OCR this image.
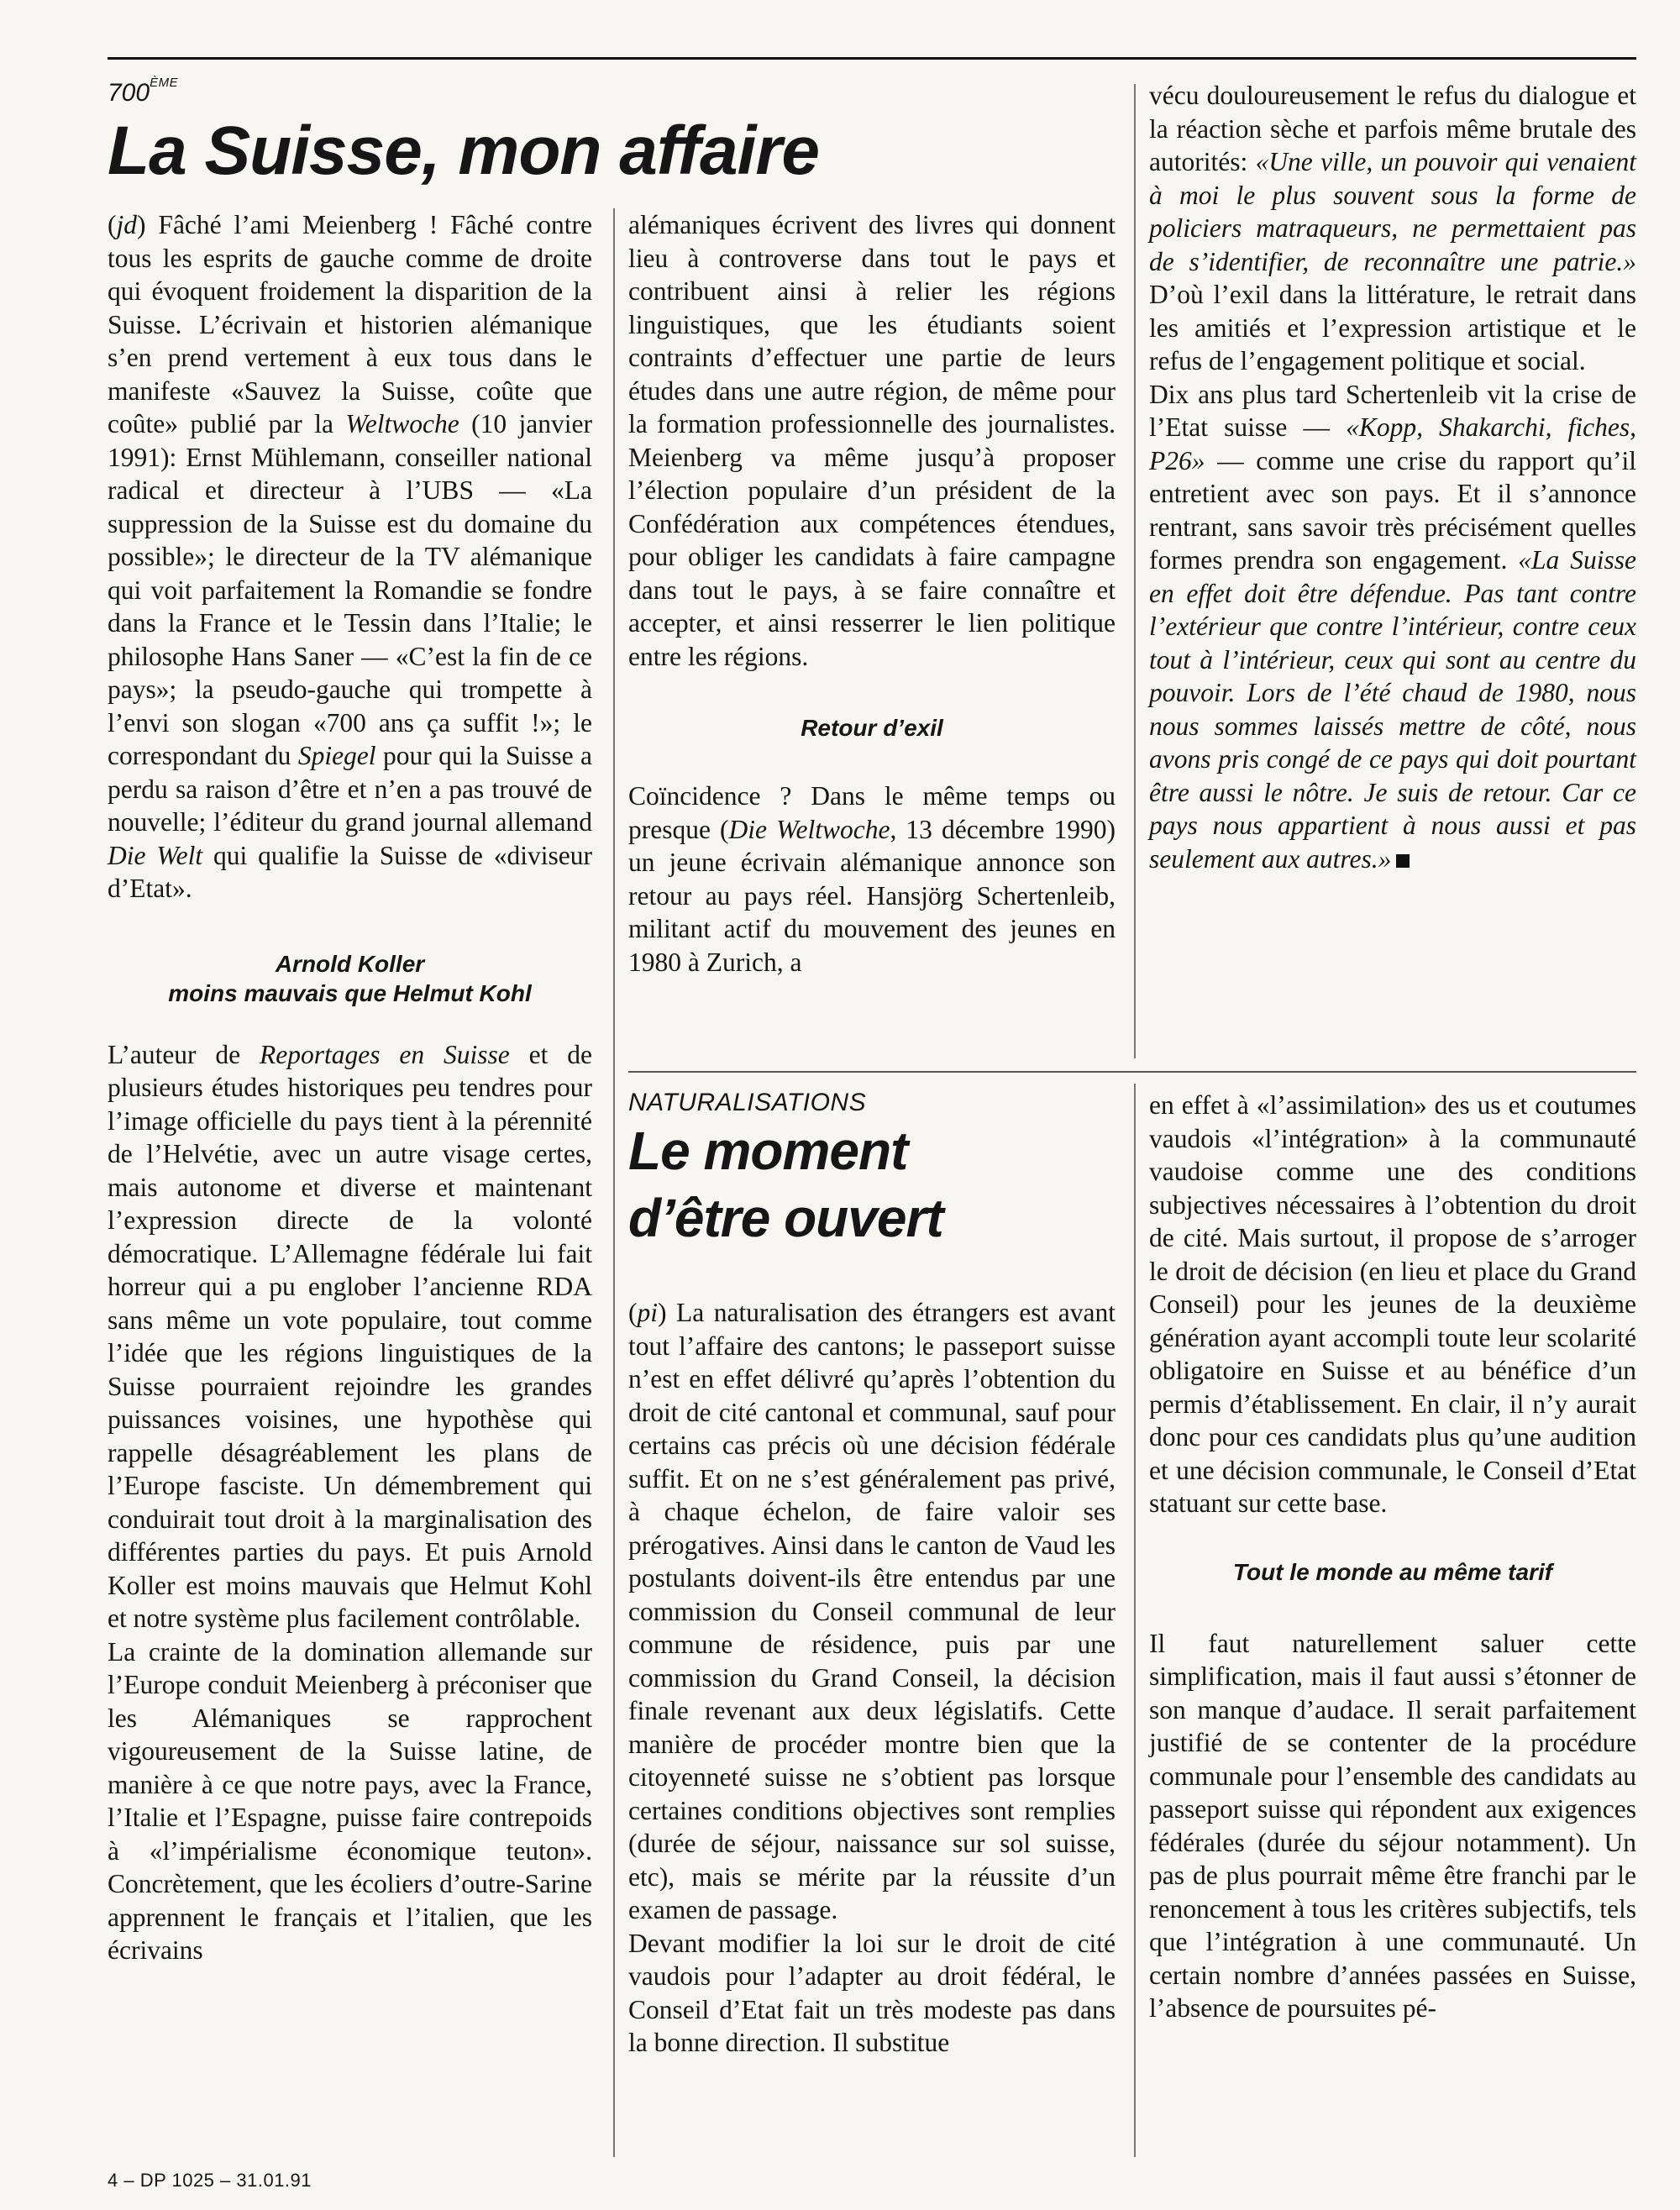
700ÈME
La Suisse, mon affaire

(jd) Fâché l’ami Meienberg ! Fâché contre tous les esprits de gauche comme de droite qui évoquent froidement la disparition de la Suisse. L’écrivain et historien alémanique s’en prend vertement à eux tous dans le manifeste «Sauvez la Suisse, coûte que coûte» publié par la Weltwoche (10 janvier 1991): Ernst Mühlemann, conseiller national radical et directeur à l’UBS — «La suppression de la Suisse est du domaine du possible»; le directeur de la TV alémanique qui voit parfaitement la Romandie se fondre dans la France et le Tessin dans l’Italie; le philosophe Hans Saner — «C’est la fin de ce pays»; la pseudo-gauche qui trompette à l’envi son slogan «700 ans ça suffit !»; le correspondant du Spiegel pour qui la Suisse a perdu sa raison d’être et n’en a pas trouvé de nouvelle; l’éditeur du grand journal allemand Die Welt qui qualifie la Suisse de «diviseur d’Etat».

Arnold Koller
moins mauvais que Helmut Kohl

L’auteur de Reportages en Suisse et de plusieurs études historiques peu tendres pour l’image officielle du pays tient à la pérennité de l’Helvétie, avec un autre visage certes, mais autonome et diverse et maintenant l’expression directe de la volonté démocratique. L’Allemagne fédérale lui fait horreur qui a pu englober l’ancienne RDA sans même un vote populaire, tout comme l’idée que les régions linguistiques de la Suisse pourraient rejoindre les grandes puissances voisines, une hypothèse qui rappelle désagréablement les plans de l’Europe fasciste. Un démembrement qui conduirait tout droit à la marginalisation des différentes parties du pays. Et puis Arnold Koller est moins mauvais que Helmut Kohl et notre système plus facilement contrôlable.

La crainte de la domination allemande sur l’Europe conduit Meienberg à préconiser que les Alémaniques se rapprochent vigoureusement de la Suisse latine, de manière à ce que notre pays, avec la France, l’Italie et l’Espagne, puisse faire contrepoids à «l’impérialisme économique teuton». Concrètement, que les écoliers d’outre-Sarine apprennent le français et l’italien, que les écrivains

alémaniques écrivent des livres qui donnent lieu à controverse dans tout le pays et contribuent ainsi à relier les régions linguistiques, que les étudiants soient contraints d’effectuer une partie de leurs études dans une autre région, de même pour la formation professionnelle des journalistes. Meienberg va même jusqu’à proposer l’élection populaire d’un président de la Confédération aux compétences étendues, pour obliger les candidats à faire campagne dans tout le pays, à se faire connaître et accepter, et ainsi resserrer le lien politique entre les régions.

Retour d’exil

Coïncidence ? Dans le même temps ou presque (Die Weltwoche, 13 décembre 1990) un jeune écrivain alémanique annonce son retour au pays réel. Hansjörg Schertenleib, militant actif du mouvement des jeunes en 1980 à Zurich, a

vécu douloureusement le refus du dialogue et la réaction sèche et parfois même brutale des autorités: «Une ville, un pouvoir qui venaient à moi le plus souvent sous la forme de policiers matraqueurs, ne permettaient pas de s’identifier, de reconnaître une patrie.» D’où l’exil dans la littérature, le retrait dans les amitiés et l’expression artistique et le refus de l’engagement politique et social.

Dix ans plus tard Schertenleib vit la crise de l’Etat suisse — «Kopp, Shakarchi, fiches, P26» — comme une crise du rapport qu’il entretient avec son pays. Et il s’annonce rentrant, sans savoir très précisément quelles formes prendra son engagement. «La Suisse en effet doit être défendue. Pas tant contre l’extérieur que contre l’intérieur, contre ceux tout à l’intérieur, ceux qui sont au centre du pouvoir. Lors de l’été chaud de 1980, nous nous sommes laissés mettre de côté, nous avons pris congé de ce pays qui doit pourtant être aussi le nôtre. Je suis de retour. Car ce pays nous appartient à nous aussi et pas seulement aux autres.»

NATURALISATIONS
Le moment
d’être ouvert

(pi) La naturalisation des étrangers est avant tout l’affaire des cantons; le passeport suisse n’est en effet délivré qu’après l’obtention du droit de cité cantonal et communal, sauf pour certains cas précis où une décision fédérale suffit. Et on ne s’est généralement pas privé, à chaque échelon, de faire valoir ses prérogatives. Ainsi dans le canton de Vaud les postulants doivent-ils être entendus par une commission du Conseil communal de leur commune de résidence, puis par une commission du Grand Conseil, la décision finale revenant aux deux législatifs. Cette manière de procéder montre bien que la citoyenneté suisse ne s’obtient pas lorsque certaines conditions objectives sont remplies (durée de séjour, naissance sur sol suisse, etc), mais se mérite par la réussite d’un examen de passage.

Devant modifier la loi sur le droit de cité vaudois pour l’adapter au droit fédéral, le Conseil d’Etat fait un très modeste pas dans la bonne direction. Il substitue

en effet à «l’assimilation» des us et coutumes vaudois «l’intégration» à la communauté vaudoise comme une des conditions subjectives nécessaires à l’obtention du droit de cité. Mais surtout, il propose de s’arroger le droit de décision (en lieu et place du Grand Conseil) pour les jeunes de la deuxième génération ayant accompli toute leur scolarité obligatoire en Suisse et au bénéfice d’un permis d’établissement. En clair, il n’y aurait donc pour ces candidats plus qu’une audition et une décision communale, le Conseil d’Etat statuant sur cette base.

Tout le monde au même tarif

Il faut naturellement saluer cette simplification, mais il faut aussi s’étonner de son manque d’audace. Il serait parfaitement justifié de se contenter de la procédure communale pour l’ensemble des candidats au passeport suisse qui répondent aux exigences fédérales (durée du séjour notamment). Un pas de plus pourrait même être franchi par le renoncement à tous les critères subjectifs, tels que l’intégration à une communauté. Un certain nombre d’années passées en Suisse, l’absence de poursuites pé-

4 – DP 1025 – 31.01.91
